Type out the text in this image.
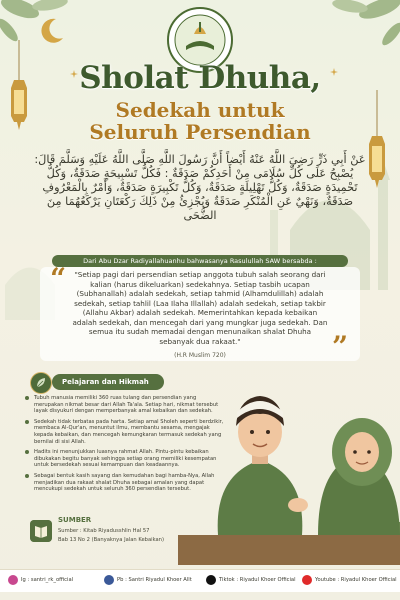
Sholat Dhuha,
Sedekah untuk
Seluruh Persendian
عَنْ أَبِي ذَرٍّ رَضِيَ اللَّهُ عَنْهُ أَيْضاً أَنَّ رَسُولَ اللَّهِ صَلَّى اللَّهُ عَلَيْهِ وَسَلَّمَ قَالَ: يُصْبِحُ عَلَى كُلِّ سُلَامَى مِنْ أَحَدِكُمْ صَدَقَةٌ : فَكُلُّ تَسْبِيحَةٍ صَدَقَةٌ، وَكُلُّ تَحْمِيدَةٍ صَدَقَةٌ، وَكُلُّ تَهْلِيلَةٍ صَدَقَةٌ، وَكُلُّ تَكْبِيرَةٍ صَدَقَةٌ، وَأَمْرٌ بِالْمَعْرُوفِ صَدَقَةٌ، وَنَهْيٌ عَنِ الْمُنْكَرِ صَدَقَةٌ وَيُجْزِئُ مِنْ ذَلِكَ رَكْعَتَانِ يَرْكَعُهُمَا مِنَ الضُّحَى
Dari Abu Dzar Radiyallahuanhu bahwasanya Rasulullah SAW bersabda :
“	"Setiap pagi dari persendian setiap anggota tubuh salah seorang dari kalian (harus dikeluarkan) sedekahnya. Setiap tasbih ucapan (Subhanallah) adalah sedekah, setiap tahmid (Alhamdulillah) adalah sedekah, setiap tahlil (Laa Ilaha Illallah) adalah sedekah, setiap takbir (Allahu Akbar) adalah sedekah. Memerintahkan kepada kebaikan adalah sedekah, dan mencegah dari yang mungkar juga sedekah. Dan semua itu sudah memadai dengan menunaikan shalat Dhuha sebanyak dua rakaat."	”
(H.R Muslim 720)
Pelajaran dan Hikmah
Tubuh manusia memiliki 360 ruas tulang dan persendian yang merupakan nikmat besar dari Allah Ta'ala. Setiap hari, nikmat tersebut layak disyukuri dengan memperbanyak amal kebaikan dan sedekah.
Sedekah tidak terbatas pada harta. Setiap amal Sholeh seperti berdzikir, membaca Al-Qur'an, menuntut ilmu, membantu sesama, mengajak kepada kebaikan, dan mencegah kemungkaran termasuk sedekah yang bernilai di sisi Allah.
Hadits ini menunjukkan luasnya rahmat Allah. Pintu-pintu kebaikan dibukakan begitu banyak sehingga setiap orang memiliki kesempatan untuk bersedekah sesuai kemampuan dan keadaannya.
Sebagai bentuk kasih sayang dan kemudahan bagi hamba-Nya, Allah menjadikan dua rakaat shalat Dhuha sebagai amalan yang dapat mencukupi sedekah untuk seluruh 360 persendian tersebut.
SUMBER
Sumber : Kitab Riyadusshlin Hal 57
Bab 13 No 2 (Banyaknya Jalan Kebaikan)
Ig : santri_rk_official	Pb : Santri Riyadul Khoer Allt	Tiktok : Riyadul Khoer Official	Youtube : Riyadul Khoer Official
